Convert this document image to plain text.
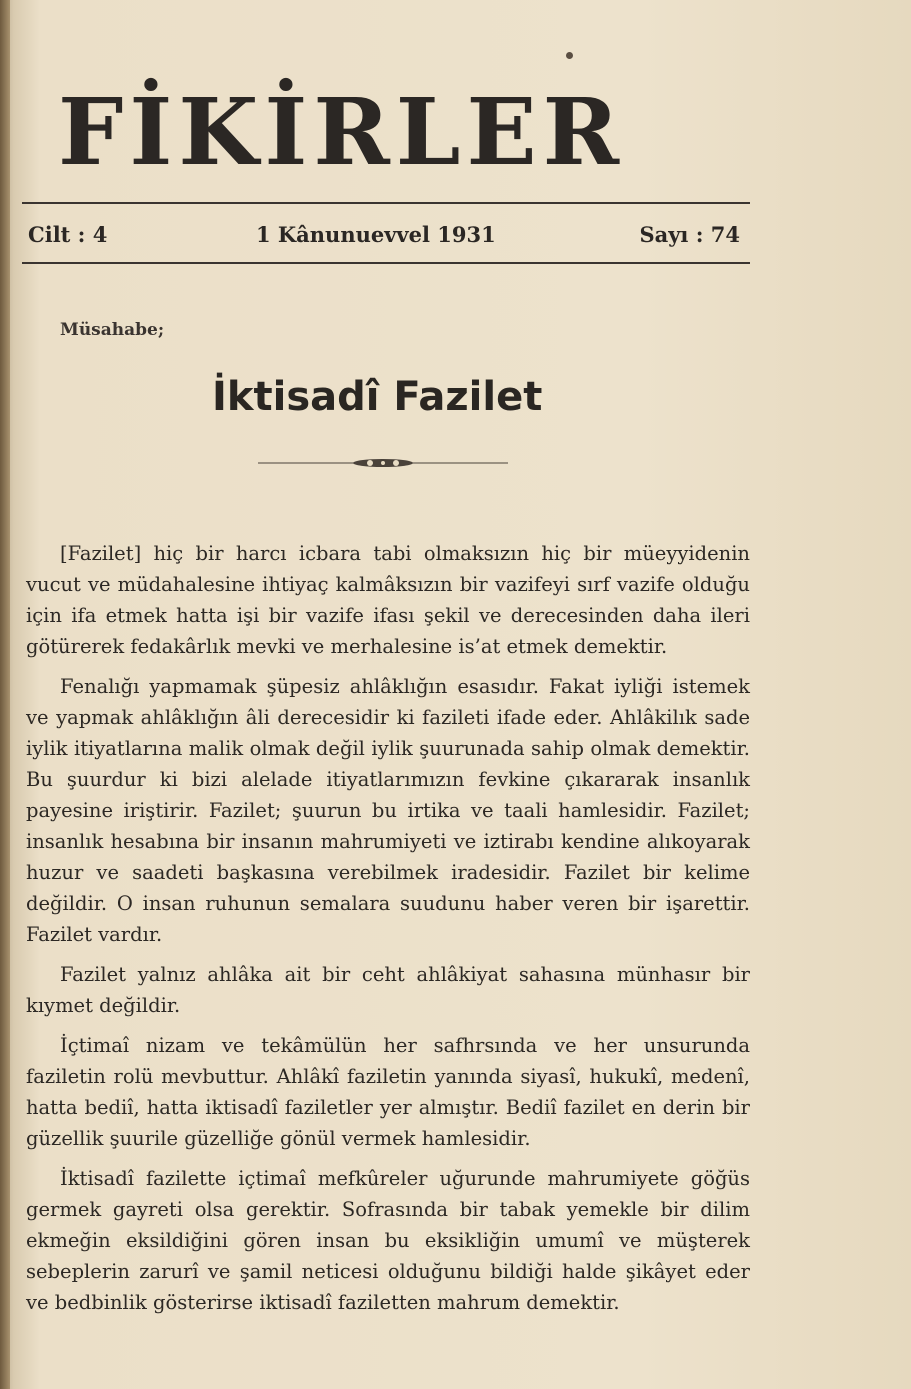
FİKİRLER
Cilt : 4	1 Kânunuevvel 1931	Sayı : 74
Müsahabe;
İktisadî Fazilet

[Fazilet] hiç bir harcı icbara tabi olmaksızın hiç bir müeyyidenin vucut ve müdahalesine ihtiyaç kalmâksızın bir vazifeyi sırf vazife olduğu için ifa etmek hatta işi bir vazife ifası şekil ve derecesinden daha ileri götürerek fedakârlık mevki ve merhalesine is’at etmek demektir.

Fenalığı yapmamak şüpesiz ahlâklığın esasıdır. Fakat iyliği istemek ve yapmak ahlâklığın âli derecesidir ki fazileti ifade eder. Ahlâkilık sade iylik itiyatlarına malik olmak değil iylik şuurunada sahip olmak demektir. Bu şuurdur ki bizi alelade itiyatlarımızın fevkine çıkararak insanlık payesine iriştirir. Fazilet; şuurun bu irtika ve taali hamlesidir. Fazilet; insanlık hesabına bir insanın mahrumiyeti ve iztirabı kendine alıkoyarak huzur ve saadeti başkasına verebilmek iradesidir. Fazilet bir kelime değildir. O insan ruhunun semalara suudunu haber veren bir işarettir. Fazilet vardır.

Fazilet yalnız ahlâka ait bir ceht ahlâkiyat sahasına münhasır bir kıymet değildir.

İçtimaî nizam ve tekâmülün her safhrsında ve her unsurunda faziletin rolü mevbuttur. Ahlâkî faziletin yanında siyasî, hukukî, medenî, hatta bediî, hatta iktisadî faziletler yer almıştır. Bediî fazilet en derin bir güzellik şuurile güzelliğe gönül vermek hamlesidir.

İktisadî fazilette içtimaî mefkûreler uğurunde mahrumiyete göğüs germek gayreti olsa gerektir. Sofrasında bir tabak yemekle bir dilim ekmeğin eksildiğini gören insan bu eksikliğin umumî ve müşterek sebeplerin zarurî ve şamil neticesi olduğunu bildiği halde şikâyet eder ve bedbinlik gösterirse iktisadî faziletten mahrum demektir.
